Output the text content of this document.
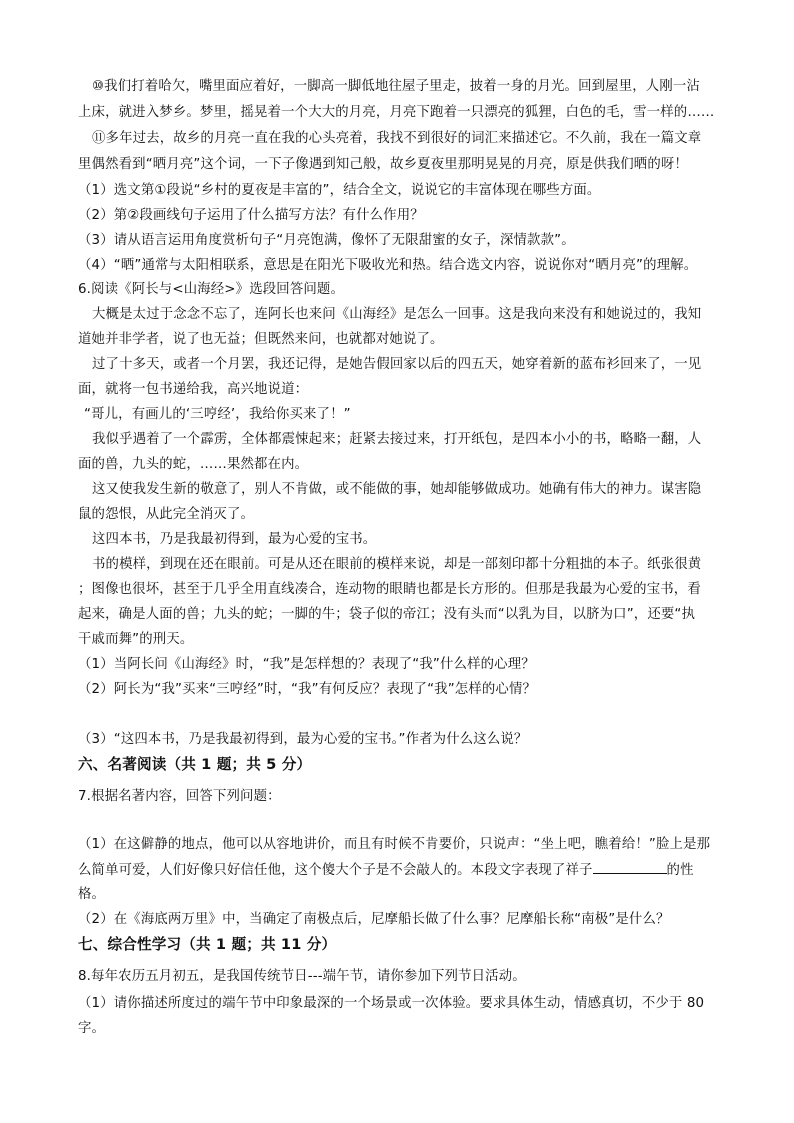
⑩我们打着哈欠，嘴里面应着好，一脚高一脚低地往屋子里走，披着一身的月光。回到屋里，人刚一沾
上床，就进入梦乡。梦里，摇晃着一个大大的月亮，月亮下跑着一只漂亮的狐狸，白色的毛，雪一样的……
⑪多年过去，故乡的月亮一直在我的心头亮着，我找不到很好的词汇来描述它。不久前，我在一篇文章
里偶然看到“晒月亮”这个词，一下子像遇到知己般，故乡夏夜里那明晃晃的月亮，原是供我们晒的呀！
（1）选文第①段说“乡村的夏夜是丰富的”，结合全文，说说它的丰富体现在哪些方面。
（2）第②段画线句子运用了什么描写方法？有什么作用？
（3）请从语言运用角度赏析句子“月亮饱满，像怀了无限甜蜜的女子，深情款款”。
（4）“晒”通常与太阳相联系，意思是在阳光下吸收光和热。结合选文内容，说说你对“晒月亮”的理解。
6.阅读《阿长与<山海经>》选段回答问题。
大概是太过于念念不忘了，连阿长也来问《山海经》是怎么一回事。这是我向来没有和她说过的，我知
道她并非学者，说了也无益；但既然来问，也就都对她说了。
过了十多天，或者一个月罢，我还记得，是她告假回家以后的四五天，她穿着新的蓝布衫回来了，一见
面，就将一包书递给我，高兴地说道：
“哥儿，有画儿的‘三哼经’，我给你买来了！”
我似乎遇着了一个霹雳，全体都震悚起来；赶紧去接过来，打开纸包，是四本小小的书，略略一翻，人
面的兽，九头的蛇，……果然都在内。
这又使我发生新的敬意了，别人不肯做，或不能做的事，她却能够做成功。她确有伟大的神力。谋害隐
鼠的怨恨，从此完全消灭了。
这四本书，乃是我最初得到，最为心爱的宝书。
书的模样，到现在还在眼前。可是从还在眼前的模样来说，却是一部刻印都十分粗拙的本子。纸张很黄
；图像也很坏，甚至于几乎全用直线凑合，连动物的眼睛也都是长方形的。但那是我最为心爱的宝书，看
起来，确是人面的兽；九头的蛇；一脚的牛；袋子似的帝江；没有头而“以乳为目，以脐为口”，还要“执
干戚而舞”的刑天。
（1）当阿长问《山海经》时，“我”是怎样想的？表现了“我”什么样的心理？
（2）阿长为“我”买来“三哼经”时，“我”有何反应？表现了“我”怎样的心情？
（3）“这四本书，乃是我最初得到，最为心爱的宝书。”作者为什么这么说？
六、名著阅读（共 1 题；共 5 分）
7.根据名著内容，回答下列问题：
（1）在这僻静的地点，他可以从容地讲价，而且有时候不肯要价，只说声：“坐上吧，瞧着给！”脸上是那
么简单可爱，人们好像只好信任他，这个傻大个子是不会敲人的。本段文字表现了祥子	的性
格。
（2）在《海底两万里》中，当确定了南极点后，尼摩船长做了什么事？尼摩船长称“南极”是什么？
七、综合性学习（共 1 题；共 11 分）
8.每年农历五月初五，是我国传统节日---端午节，请你参加下列节日活动。
（1）请你描述所度过的端午节中印象最深的一个场景或一次体验。要求具体生动，情感真切，不少于 80
字。
